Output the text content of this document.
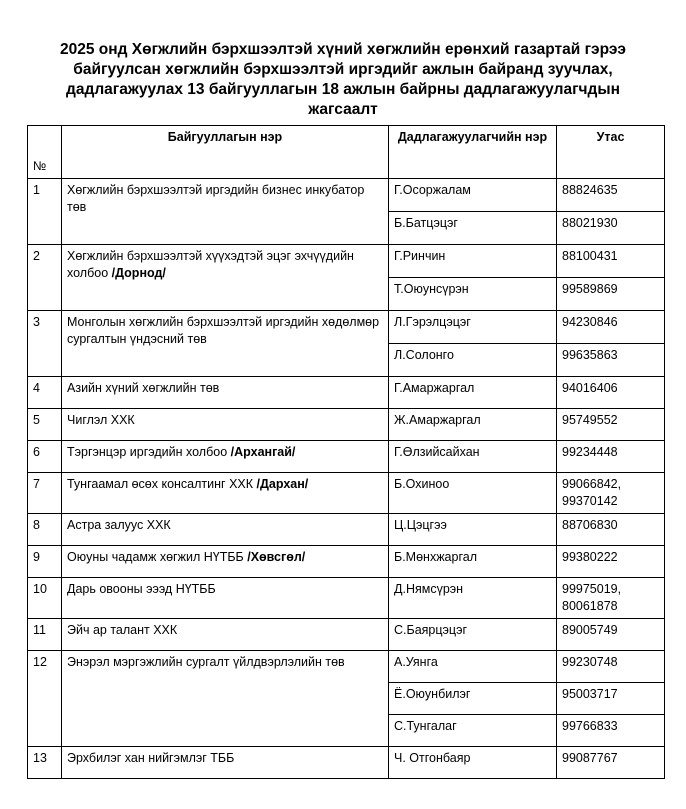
2025 онд Хөгжлийн бэрхшээлтэй хүний хөгжлийн ерөнхий газартай гэрээ
байгуулсан хөгжлийн бэрхшээлтэй иргэдийг ажлын байранд зуучлах,
дадлагажуулах 13 байгууллагын 18 ажлын байрны дадлагажуулагчдын
жагсаалт
№	Байгууллагын нэр	Дадлагажуулагчийн нэр	Утас
1	Хөгжлийн бэрхшээлтэй иргэдийн бизнес инкубатор төв	Г.Осоржалам	88824635
		Б.Батцэцэг	88021930
2	Хөгжлийн бэрхшээлтэй хүүхэдтэй эцэг эхчүүдийн холбоо /Дорнод/	Г.Ринчин	88100431
		Т.Оюунсүрэн	99589869
3	Монголын хөгжлийн бэрхшээлтэй иргэдийн хөдөлмөр сургалтын үндэсний төв	Л.Гэрэлцэцэг	94230846
		Л.Солонго	99635863
4	Азийн хүний хөгжлийн төв	Г.Амаржаргал	94016406
5	Чиглэл ХХК	Ж.Амаржаргал	95749552
6	Тэргэнцэр иргэдийн холбоо /Архангай/	Г.Өлзийсайхан	99234448
7	Тунгаамал өсөх консалтинг ХХК /Дархан/	Б.Охиноо	99066842, 99370142
8	Астра залуус ХХК	Ц.Цэцгээ	88706830
9	Оюуны чадамж хөгжил НҮТББ /Хөвсгөл/	Б.Мөнхжаргал	99380222
10	Дарь овооны эээд НҮТББ	Д.Нямсүрэн	99975019, 80061878
11	Эйч ар талант ХХК	С.Баярцэцэг	89005749
12	Энэрэл мэргэжлийн сургалт үйлдвэрлэлийн төв	А.Уянга	99230748
		Ё.Оюунбилэг	95003717
		С.Тунгалаг	99766833
13	Эрхбилэг хан нийгэмлэг ТББ	Ч. Отгонбаяр	99087767
